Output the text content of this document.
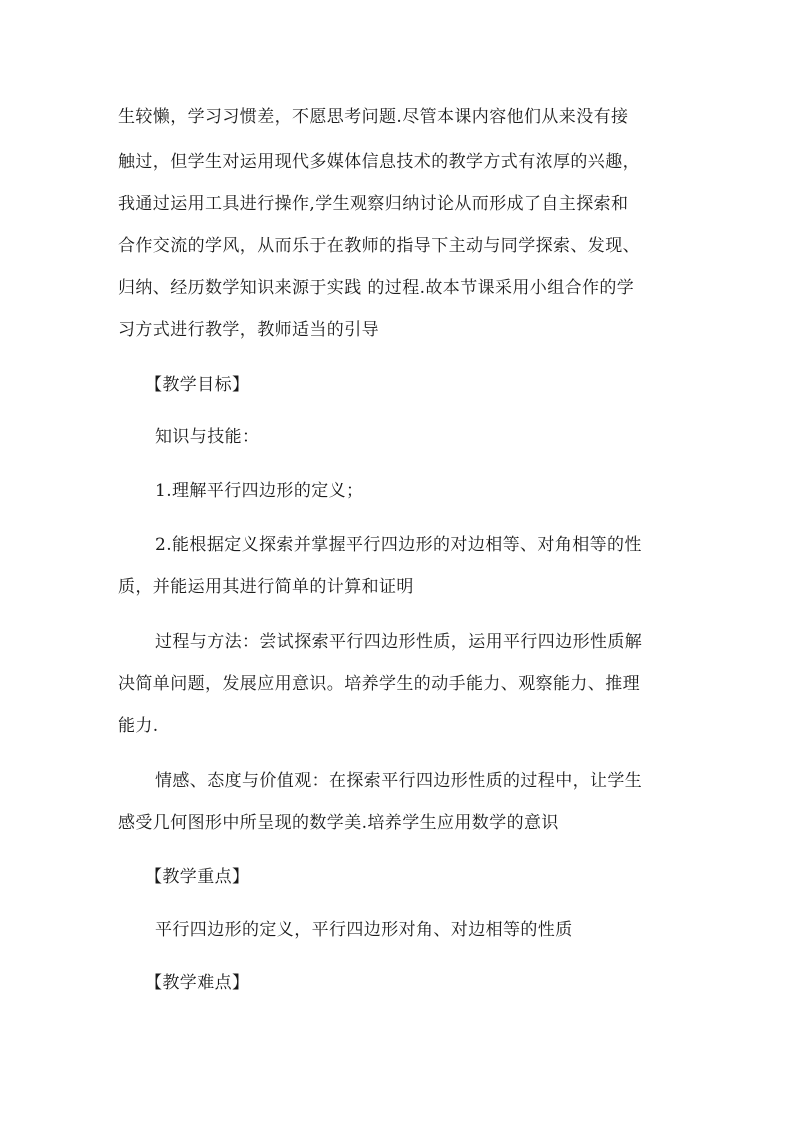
生较懒，学习习惯差，不愿思考问题.尽管本课内容他们从来没有接
触过，但学生对运用现代多媒体信息技术的教学方式有浓厚的兴趣，
我通过运用工具进行操作,学生观察归纳讨论从而形成了自主探索和
合作交流的学风，从而乐于在教师的指导下主动与同学探索、发现、
归纳、经历数学知识来源于实践 的过程.故本节课采用小组合作的学
习方式进行教学，教师适当的引导
【教学目标】
知识与技能：
1.理解平行四边形的定义；
2.能根据定义探索并掌握平行四边形的对边相等、对角相等的性
质，并能运用其进行简单的计算和证明
过程与方法：尝试探索平行四边形性质，运用平行四边形性质解
决简单问题，发展应用意识。培养学生的动手能力、观察能力、推理
能力.
情感、态度与价值观：在探索平行四边形性质的过程中，让学生
感受几何图形中所呈现的数学美.培养学生应用数学的意识
【教学重点】
平行四边形的定义，平行四边形对角、对边相等的性质
【教学难点】
